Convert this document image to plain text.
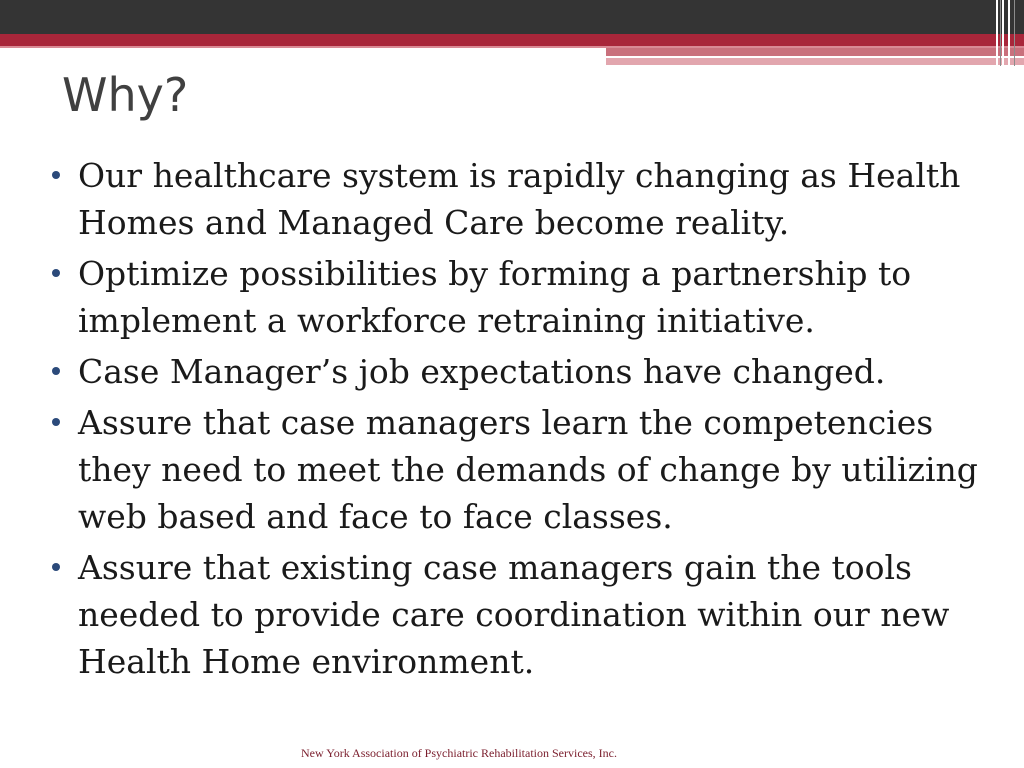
Why?
Our healthcare system is rapidly changing as Health Homes and Managed Care become reality.
Optimize possibilities by forming a partnership to implement a workforce retraining initiative.
Case Manager’s job expectations have changed.
Assure that case managers learn the competencies they need to meet the demands of change by utilizing web based and face to face classes.
Assure that existing case managers gain the tools needed to provide care coordination within our new Health Home environment.
New York Association of Psychiatric Rehabilitation Services, Inc.
